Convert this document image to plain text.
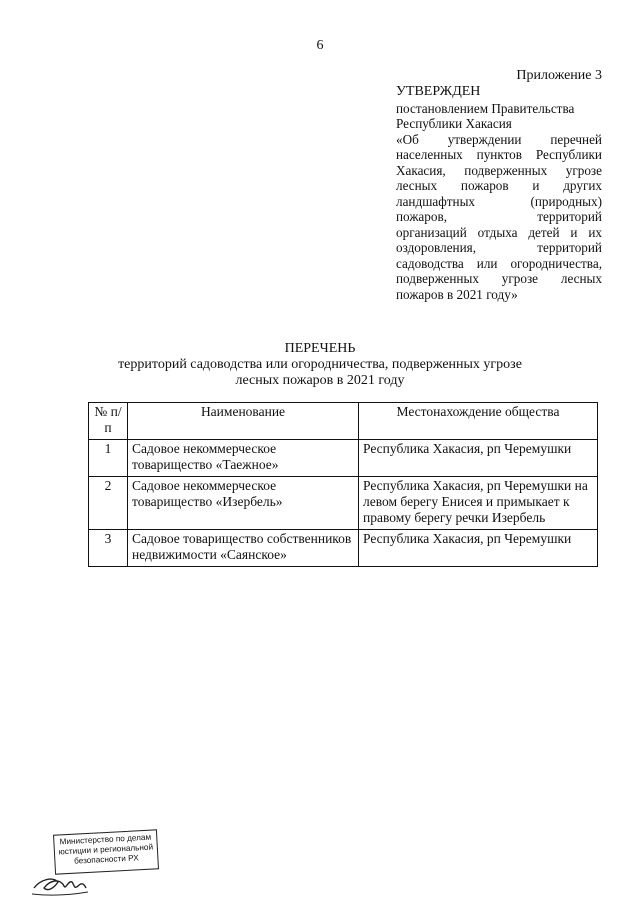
6
Приложение 3
УТВЕРЖДЕН
постановлением Правительства
Республики Хакасия
«Об утверждении перечней
населенных пунктов Республики
Хакасия, подверженных угрозе
лесных пожаров и других
ландшафтных (природных)
пожаров, территорий
организаций отдыха детей и их
оздоровления, территорий
садоводства или огородничества,
подверженных угрозе лесных
пожаров в 2021 году»
ПЕРЕЧЕНЬ
территорий садоводства или огородничества, подверженных угрозе лесных пожаров в 2021 году
№ п/п	Наименование	Местонахождение общества
1	Садовое некоммерческое товарищество «Таежное»	Республика Хакасия, рп Черемушки
2	Садовое некоммерческое товарищество «Изербель»	Республика Хакасия, рп Черемушки на левом берегу Енисея и примыкает к правому берегу речки Изербель
3	Садовое товарищество собственников недвижимости «Саянское»	Республика Хакасия, рп Черемушки
Министерство по делам
юстиции и региональной
безопасности РХ
